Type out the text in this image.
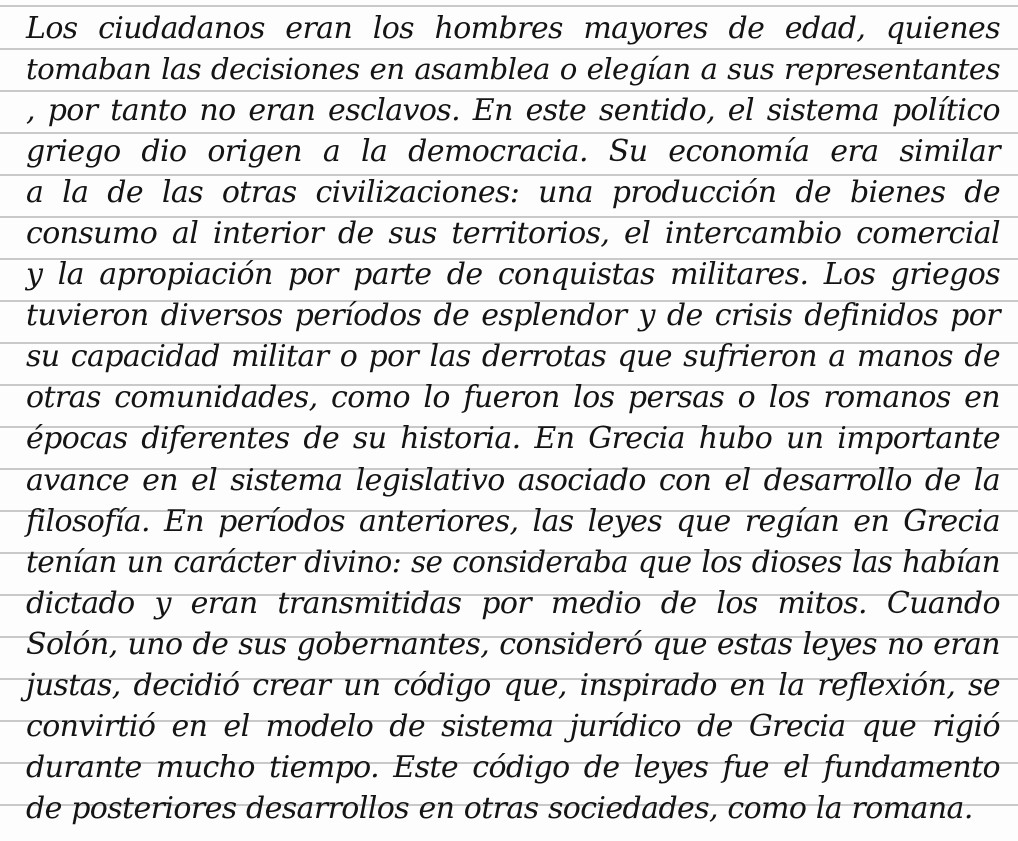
Los ciudadanos eran los hombres mayores de edad, quienes
tomaban las decisiones en asamblea o elegían a sus representantes
, por tanto no eran esclavos. En este sentido, el sistema político
griego dio origen a la democracia. Su economía era similar
a la de las otras civilizaciones: una producción de bienes de
consumo al interior de sus territorios, el intercambio comercial
y la apropiación por parte de conquistas militares. Los griegos
tuvieron diversos períodos de esplendor y de crisis definidos por
su capacidad militar o por las derrotas que sufrieron a manos de
otras comunidades, como lo fueron los persas o los romanos en
épocas diferentes de su historia. En Grecia hubo un importante
avance en el sistema legislativo asociado con el desarrollo de la
filosofía. En períodos anteriores, las leyes que regían en Grecia
tenían un carácter divino: se consideraba que los dioses las habían
dictado y eran transmitidas por medio de los mitos. Cuando
Solón, uno de sus gobernantes, consideró que estas leyes no eran
justas, decidió crear un código que, inspirado en la reflexión, se
convirtió en el modelo de sistema jurídico de Grecia que rigió
durante mucho tiempo. Este código de leyes fue el fundamento
de posteriores desarrollos en otras sociedades, como la romana.
